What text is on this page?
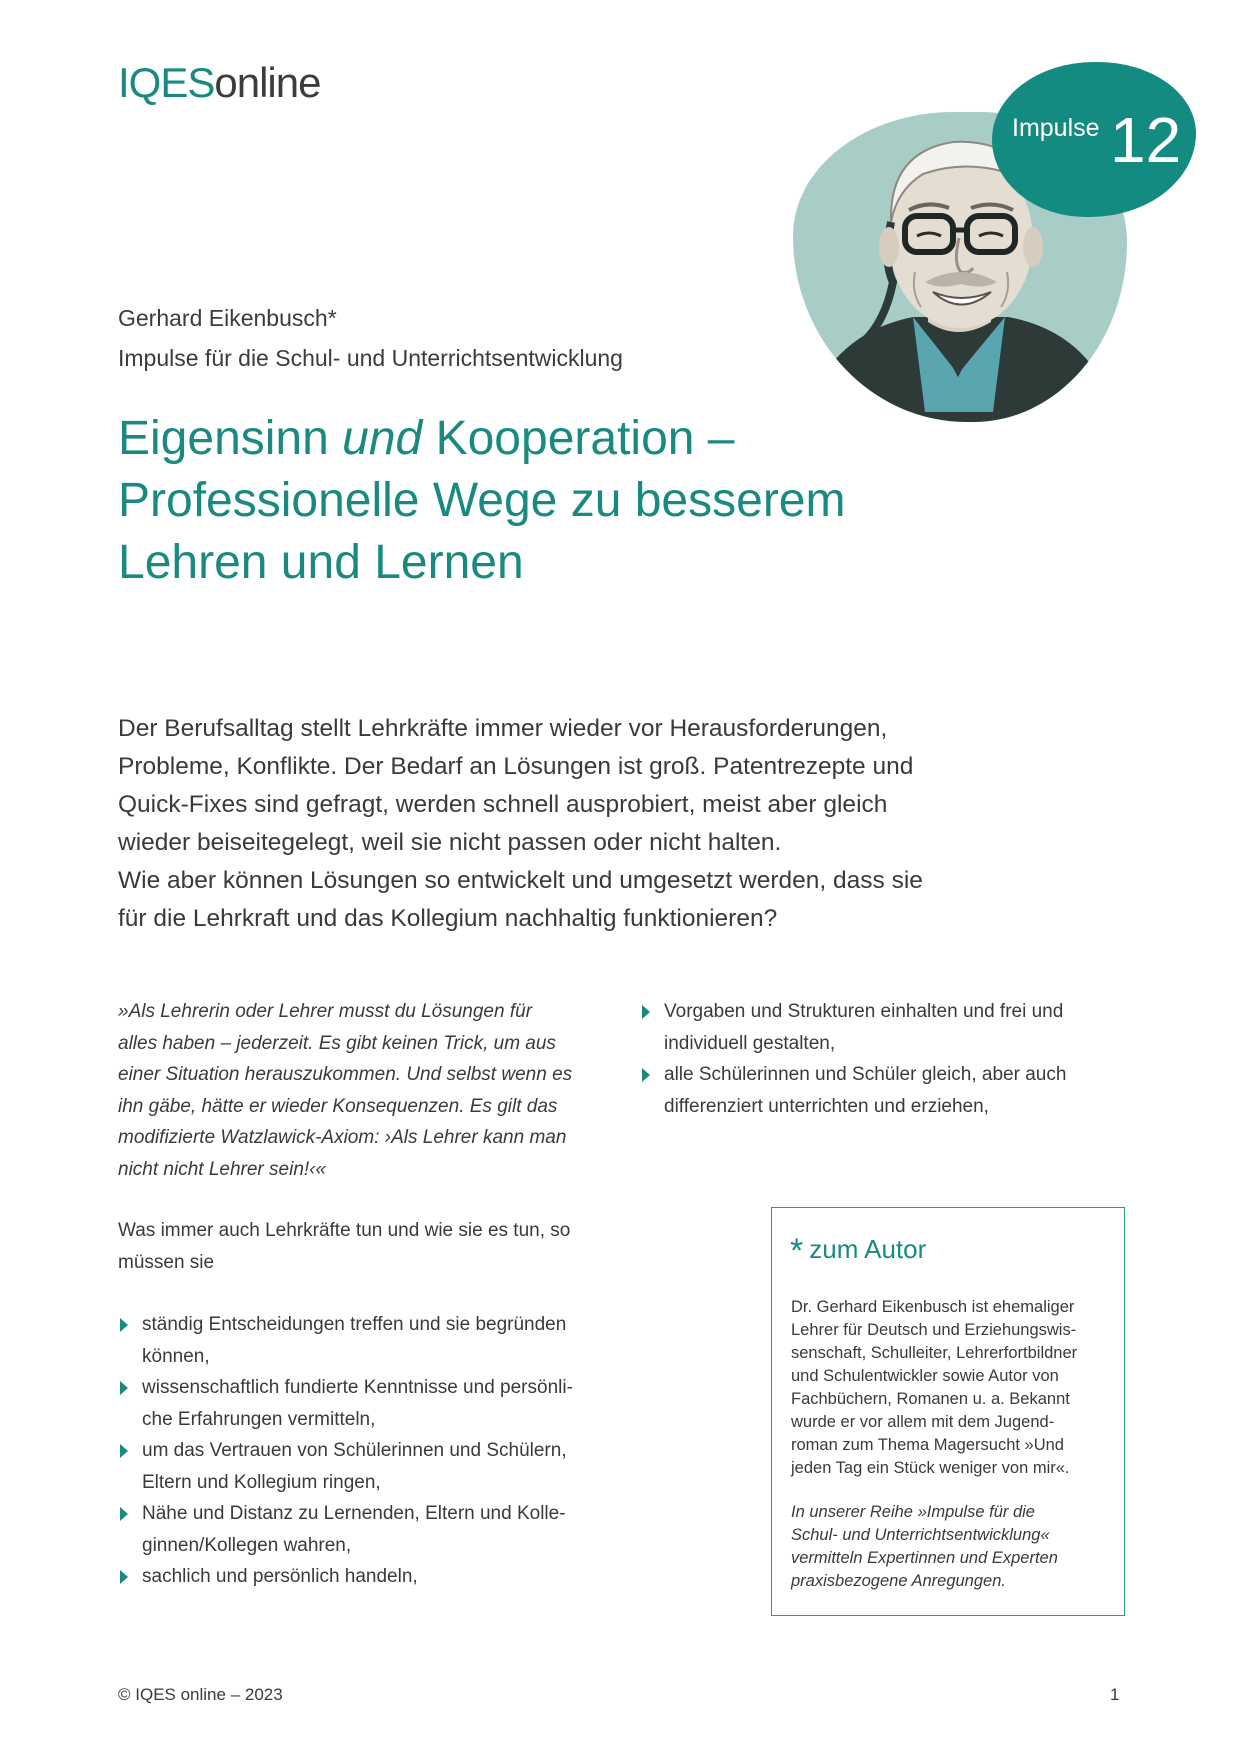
IQESonline
Impulse 12
Gerhard Eikenbusch*
Impulse für die Schul- und Unterrichtsentwicklung
Eigensinn und Kooperation –
Professionelle Wege zu besserem
Lehren und Lernen
Der Berufsalltag stellt Lehrkräfte immer wieder vor Herausforderungen,
Probleme, Konflikte. Der Bedarf an Lösungen ist groß. Patentrezepte und
Quick-Fixes sind gefragt, werden schnell ausprobiert, meist aber gleich
wieder beiseitegelegt, weil sie nicht passen oder nicht halten.
Wie aber können Lösungen so entwickelt und umgesetzt werden, dass sie
für die Lehrkraft und das Kollegium nachhaltig funktionieren?
»Als Lehrerin oder Lehrer musst du Lösungen für
alles haben – jederzeit. Es gibt keinen Trick, um aus
einer Situation herauszukommen. Und selbst wenn es
ihn gäbe, hätte er wieder Konsequenzen. Es gilt das
modifizierte Watzlawick-Axiom: ›Als Lehrer kann man
nicht nicht Lehrer sein!‹«
Was immer auch Lehrkräfte tun und wie sie es tun, so
müssen sie
ständig Entscheidungen treffen und sie begründen
können,
wissenschaftlich fundierte Kenntnisse und persönli-
che Erfahrungen vermitteln,
um das Vertrauen von Schülerinnen und Schülern,
Eltern und Kollegium ringen,
Nähe und Distanz zu Lernenden, Eltern und Kolle-
ginnen/Kollegen wahren,
sachlich und persönlich handeln,
Vorgaben und Strukturen einhalten und frei und
individuell gestalten,
alle Schülerinnen und Schüler gleich, aber auch
differenziert unterrichten und erziehen,
* zum Autor
Dr. Gerhard Eikenbusch ist ehemaliger
Lehrer für Deutsch und Erziehungswis-
senschaft, Schulleiter, Lehrerfortbildner
und Schulentwickler sowie Autor von
Fachbüchern, Romanen u. a. Bekannt
wurde er vor allem mit dem Jugend-
roman zum Thema Magersucht »Und
jeden Tag ein Stück weniger von mir«.
In unserer Reihe »Impulse für die
Schul- und Unterrichtsentwicklung«
vermitteln Expertinnen und Experten
praxisbezogene Anregungen.
© IQES online – 2023	1
